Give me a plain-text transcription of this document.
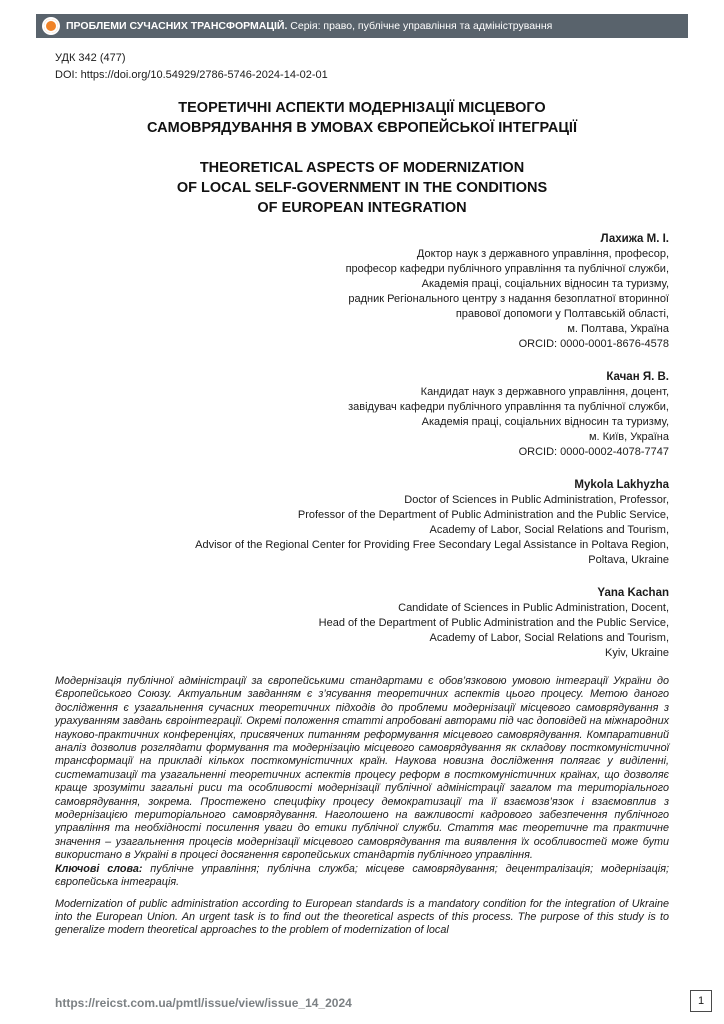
ПРОБЛЕМИ СУЧАСНИХ ТРАНСФОРМАЦІЙ. Серія: право, публічне управління та адміністрування
УДК 342 (477)
DOI: https://doi.org/10.54929/2786-5746-2024-14-02-01
ТЕОРЕТИЧНІ АСПЕКТИ МОДЕРНІЗАЦІЇ МІСЦЕВОГО
САМОВРЯДУВАННЯ В УМОВАХ ЄВРОПЕЙСЬКОЇ ІНТЕГРАЦІЇ
THEORETICAL ASPECTS OF MODERNIZATION
OF LOCAL SELF-GOVERNMENT IN THE CONDITIONS
OF EUROPEAN INTEGRATION
Лахижа М. І.
Доктор наук з державного управління, професор,
професор кафедри публічного управління та публічної служби,
Академія праці, соціальних відносин та туризму,
радник Регіонального центру з надання безоплатної вторинної
правової допомоги у Полтавській області,
м. Полтава, Україна
ORCID: 0000-0001-8676-4578
Качан Я. В.
Кандидат наук з державного управління, доцент,
завідувач кафедри публічного управління та публічної служби,
Академія праці, соціальних відносин та туризму,
м. Київ, Україна
ORCID: 0000-0002-4078-7747
Mykola Lakhyzha
Doctor of Sciences in Public Administration, Professor,
Professor of the Department of Public Administration and the Public Service,
Academy of Labor, Social Relations and Tourism,
Advisor of the Regional Center for Providing Free Secondary Legal Assistance in Poltava Region,
Poltava, Ukraine
Yana Kachan
Candidate of Sciences in Public Administration, Docent,
Head of the Department of Public Administration and the Public Service,
Academy of Labor, Social Relations and Tourism,
Kyiv, Ukraine

Модернізація публічної адміністрації за європейськими стандартами є обов’язковою умовою інтеграції України до Європейського Союзу. Актуальним завданням є з’ясування теоретичних аспектів цього процесу. Метою даного дослідження є узагальнення сучасних теоретичних підходів до проблеми модернізації місцевого самоврядування з урахуванням завдань євроінтеграції. Окремі положення статті апробовані авторами під час доповідей на міжнародних науково-практичних конференціях, присвячених питанням реформування місцевого самоврядування. Компаративний аналіз дозволив розглядати формування та модернізацію місцевого самоврядування як складову посткомуністичної трансформації на прикладі кількох посткомуністичних країн. Наукова новизна дослідження полягає у виділенні, систематизації та узагальненні теоретичних аспектів процесу реформ в посткомуністичних країнах, що дозволяє краще зрозуміти загальні риси та особливості модернізації публічної адміністрації загалом та територіального самоврядування, зокрема. Простежено специфіку процесу демократизації та її взаємозв’язок і взаємовплив з модернізацією територіального самоврядування. Наголошено на важливості кадрового забезпечення публічного управління та необхідності посилення уваги до етики публічної служби. Стаття має теоретичне та практичне значення – узагальнення процесів модернізації місцевого самоврядування та виявлення їх особливостей може бути використано в Україні в процесі досягнення європейських стандартів публічного управління.

Ключові слова: публічне управління; публічна служба; місцеве самоврядування; децентралізація; модернізація; європейська інтеграція.

Modernization of public administration according to European standards is a mandatory condition for the integration of Ukraine into the European Union. An urgent task is to find out the theoretical aspects of this process. The purpose of this study is to generalize modern theoretical approaches to the problem of modernization of local

https://reicst.com.ua/pmtl/issue/view/issue_14_2024	1
